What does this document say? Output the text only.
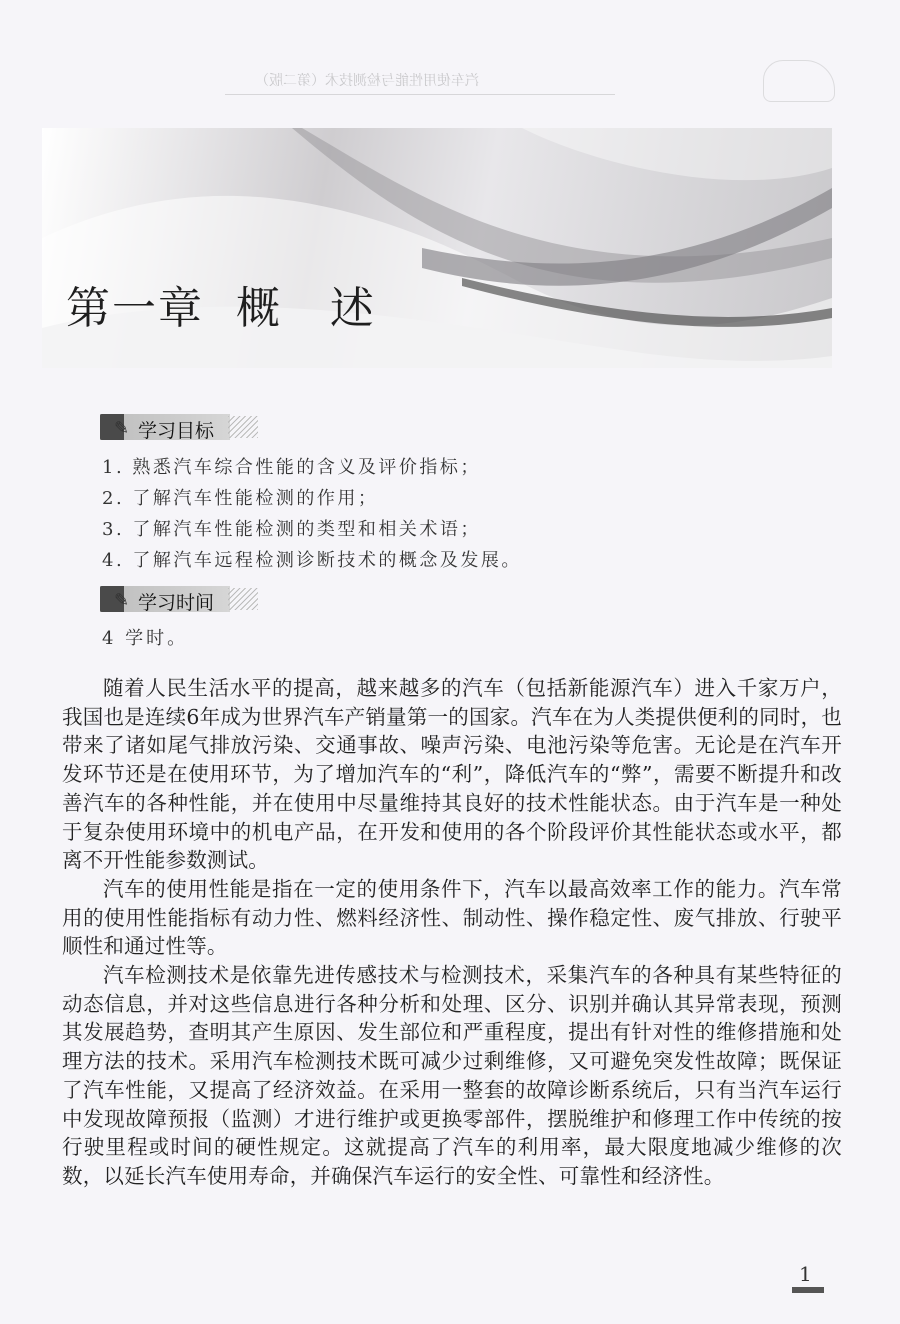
汽车使用性能与检测技术（第二版）
第一章  概   述
✎ 学习目标
1. 熟悉汽车综合性能的含义及评价指标；
2. 了解汽车性能检测的作用；
3. 了解汽车性能检测的类型和相关术语；
4. 了解汽车远程检测诊断技术的概念及发展。
✎ 学习时间
4 学时。

随着人民生活水平的提高，越来越多的汽车（包括新能源汽车）进入千家万户，我国也是连续6年成为世界汽车产销量第一的国家。汽车在为人类提供便利的同时，也带来了诸如尾气排放污染、交通事故、噪声污染、电池污染等危害。无论是在汽车开发环节还是在使用环节，为了增加汽车的“利”，降低汽车的“弊”，需要不断提升和改善汽车的各种性能，并在使用中尽量维持其良好的技术性能状态。由于汽车是一种处于复杂使用环境中的机电产品，在开发和使用的各个阶段评价其性能状态或水平，都离不开性能参数测试。

汽车的使用性能是指在一定的使用条件下，汽车以最高效率工作的能力。汽车常用的使用性能指标有动力性、燃料经济性、制动性、操作稳定性、废气排放、行驶平顺性和通过性等。

汽车检测技术是依靠先进传感技术与检测技术，采集汽车的各种具有某些特征的动态信息，并对这些信息进行各种分析和处理、区分、识别并确认其异常表现，预测其发展趋势，查明其产生原因、发生部位和严重程度，提出有针对性的维修措施和处理方法的技术。采用汽车检测技术既可减少过剩维修，又可避免突发性故障；既保证了汽车性能，又提高了经济效益。在采用一整套的故障诊断系统后，只有当汽车运行中发现故障预报（监测）才进行维护或更换零部件，摆脱维护和修理工作中传统的按行驶里程或时间的硬性规定。这就提高了汽车的利用率，最大限度地减少维修的次数，以延长汽车使用寿命，并确保汽车运行的安全性、可靠性和经济性。

1
